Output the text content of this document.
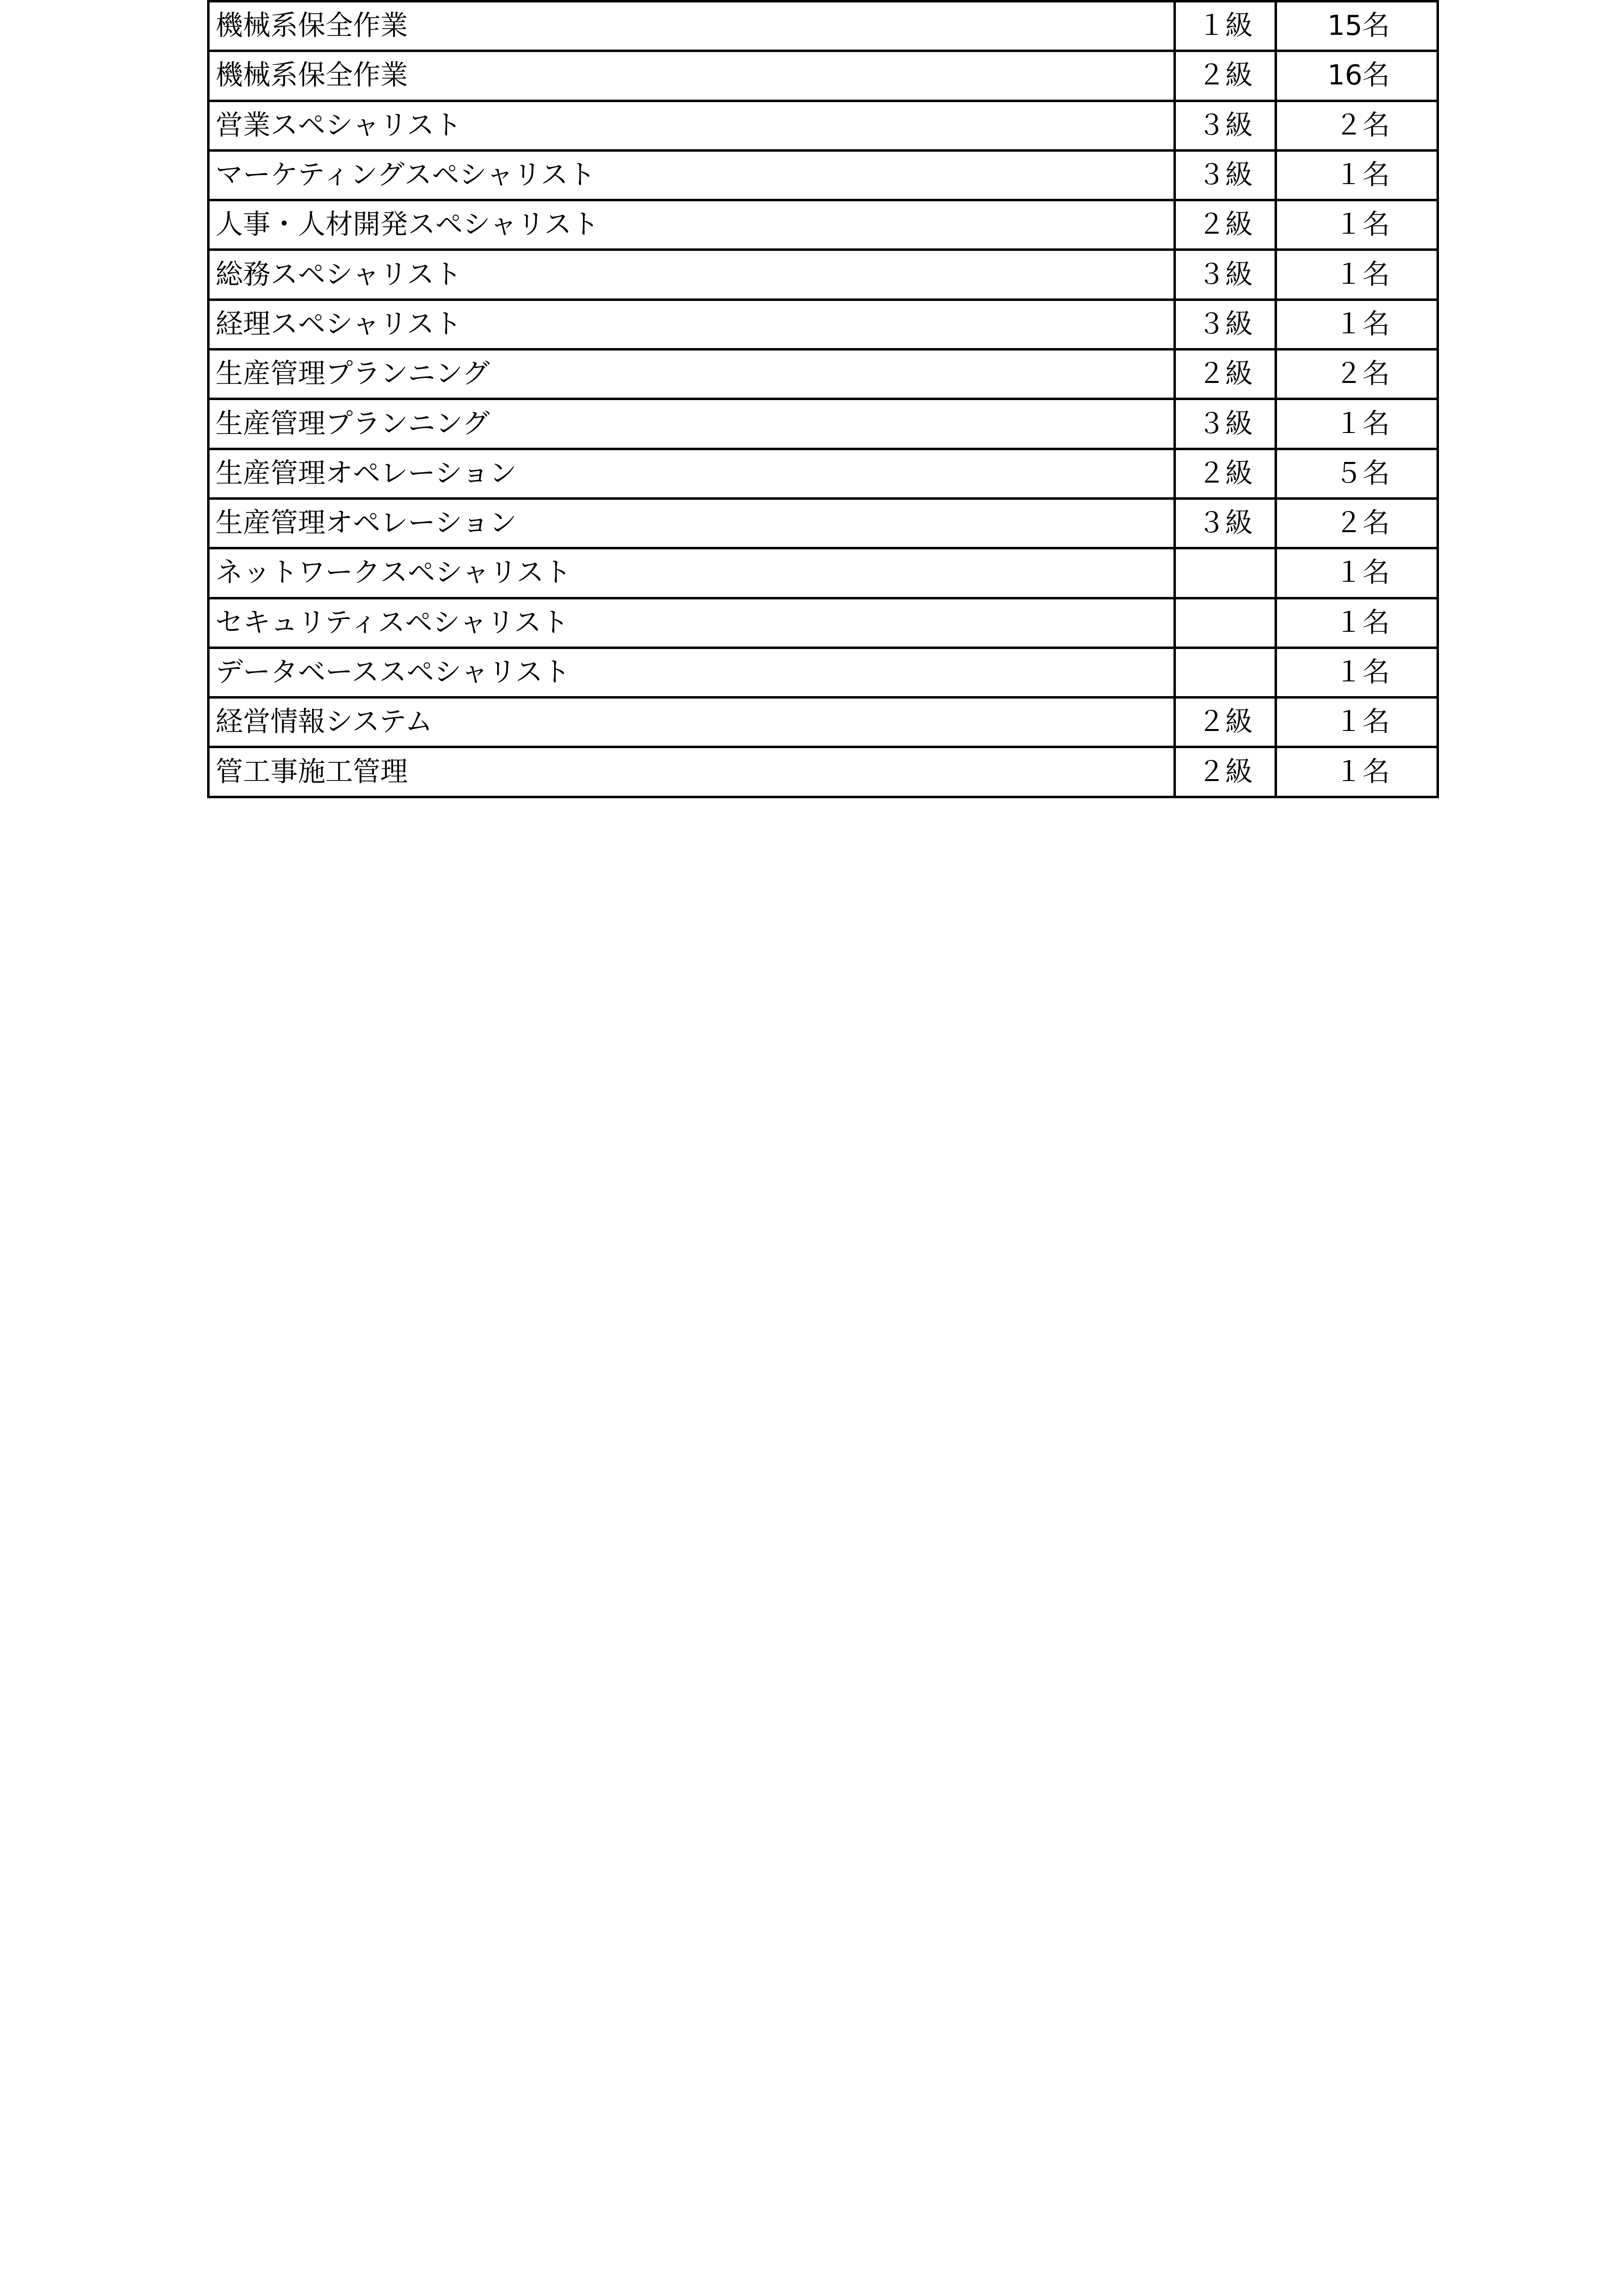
機械系保全作業	１級	15名
機械系保全作業	２級	16名
営業スペシャリスト	３級	２名
マーケティングスペシャリスト	３級	１名
人事・人材開発スペシャリスト	２級	１名
総務スペシャリスト	３級	１名
経理スペシャリスト	３級	１名
生産管理プランニング	２級	２名
生産管理プランニング	３級	１名
生産管理オペレーション	２級	５名
生産管理オペレーション	３級	２名
ネットワークスペシャリスト		１名
セキュリティスペシャリスト		１名
データベーススペシャリスト		１名
経営情報システム	２級	１名
管工事施工管理	２級	１名
